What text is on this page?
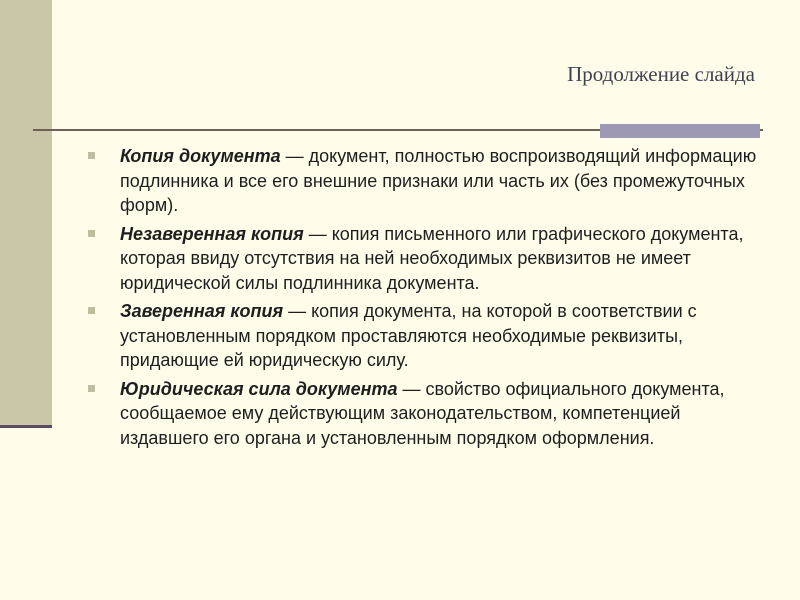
Продолжение слайда
Копия документа — документ, полностью воспроизводящий информацию подлинника и все его внешние признаки или часть их (без промежуточных форм).
Незаверенная копия — копия письменного или графического документа, которая ввиду отсутствия на ней необходимых реквизитов не имеет юридической силы подлинника документа.
Заверенная копия — копия документа, на которой в соответствии с установленным порядком проставляются необходимые реквизиты, придающие ей юридическую силу.
Юридическая сила документа — свойство официального документа, сообщаемое ему действующим законодательством, компетенцией издавшего его органа и установленным порядком оформления.
